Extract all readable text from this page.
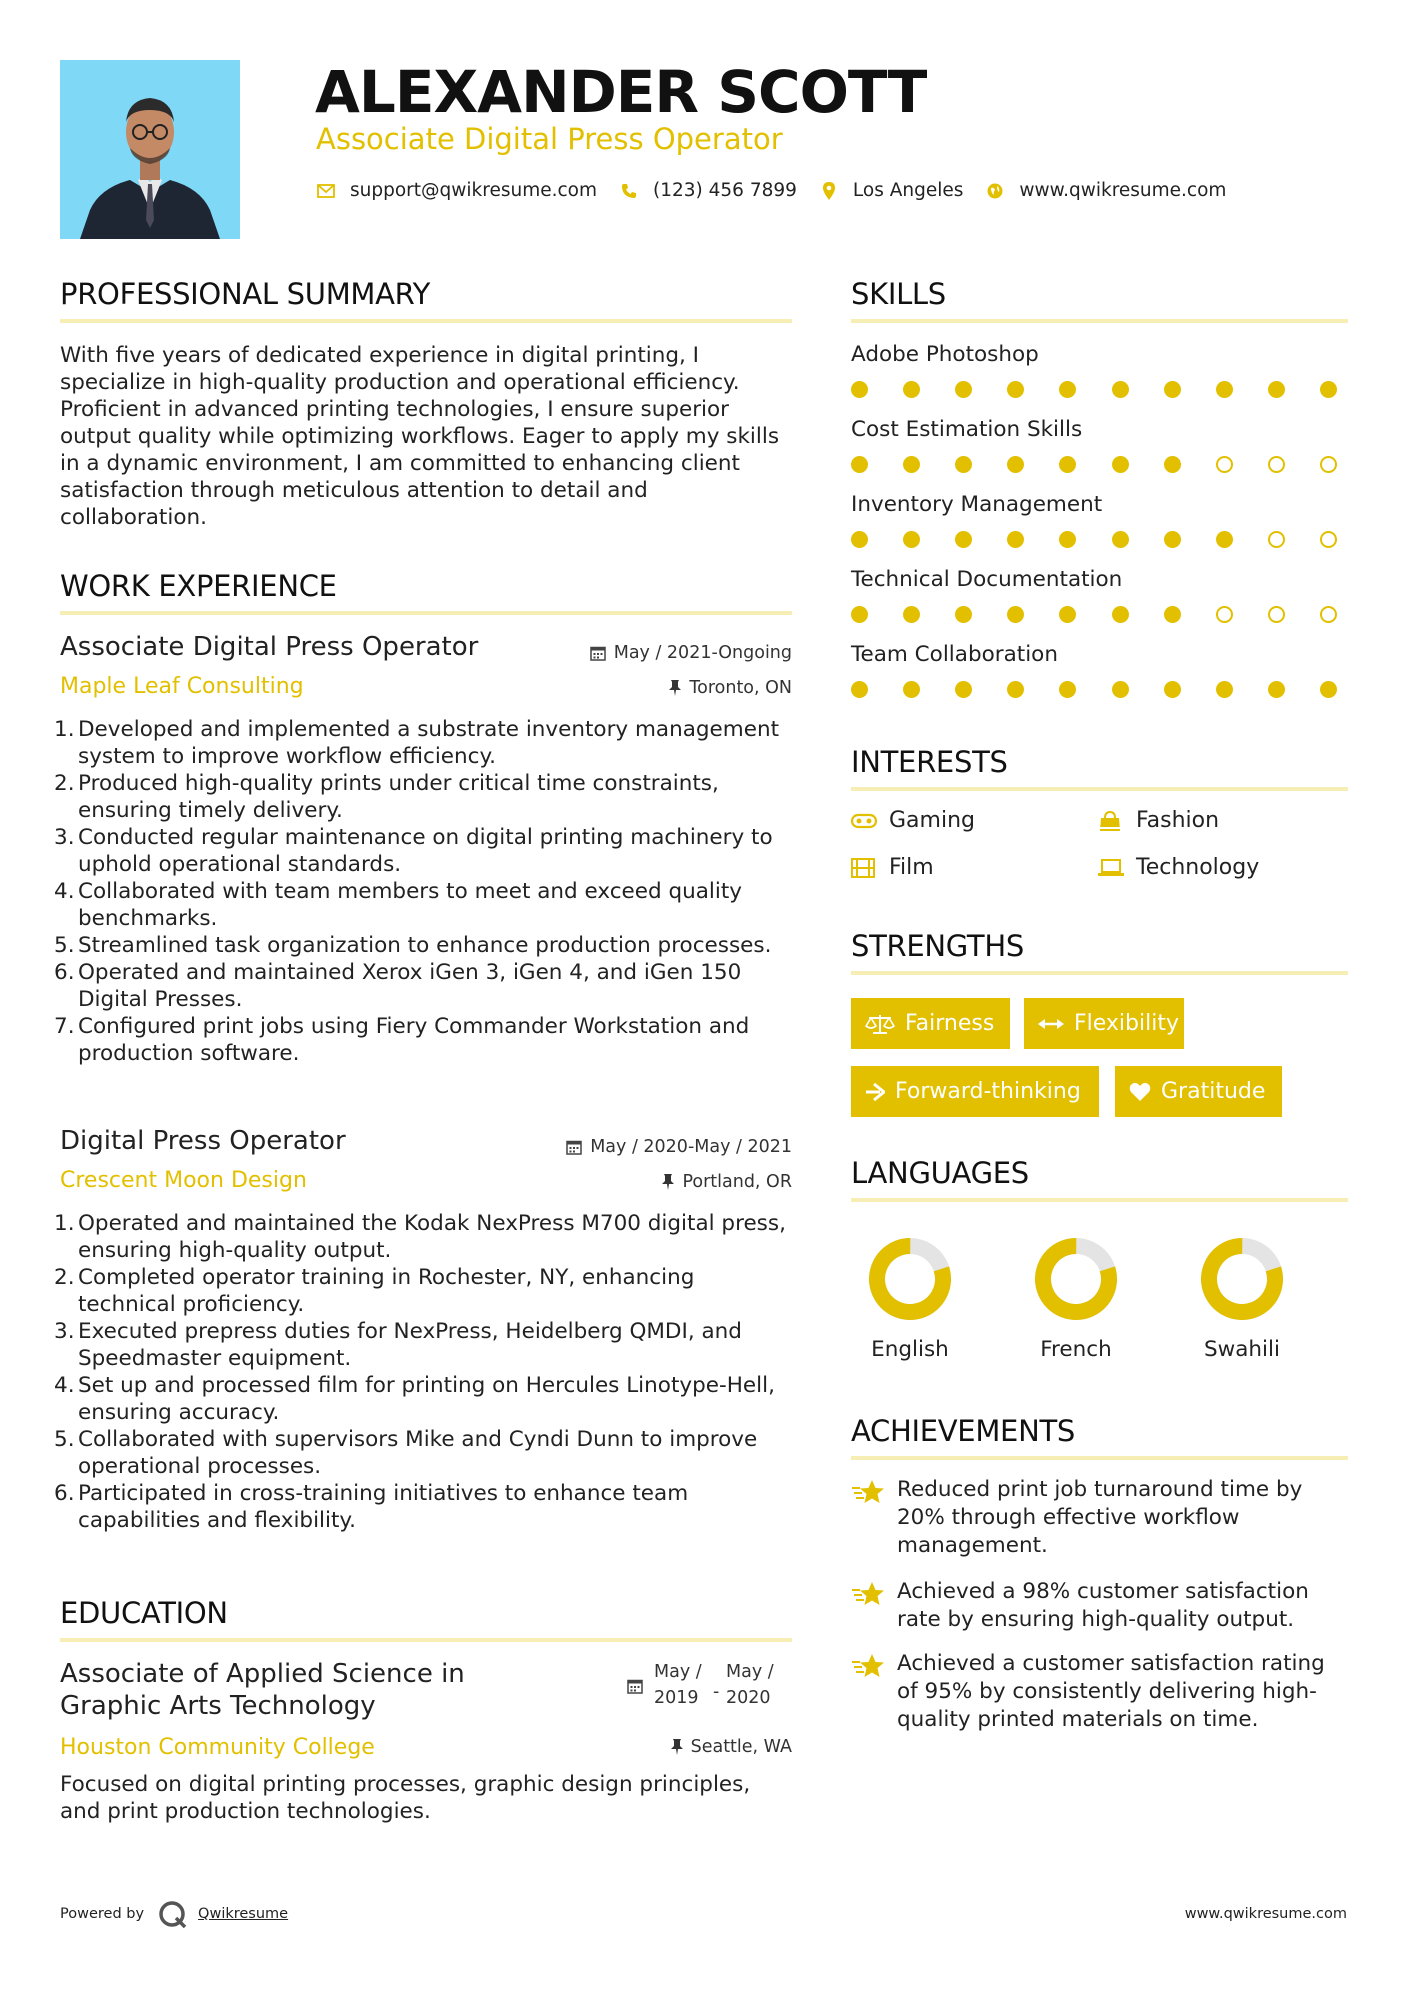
ALEXANDER SCOTT
Associate Digital Press Operator
support@qwikresume.com	(123) 456 7899	Los Angeles	www.qwikresume.com
PROFESSIONAL SUMMARY
With five years of dedicated experience in digital printing, I specialize in high-quality production and operational efficiency. Proficient in advanced printing technologies, I ensure superior output quality while optimizing workflows. Eager to apply my skills in a dynamic environment, I am committed to enhancing client satisfaction through meticulous attention to detail and collaboration.
WORK EXPERIENCE
Associate Digital Press Operator	May / 2021-Ongoing
Maple Leaf Consulting	Toronto, ON
Developed and implemented a substrate inventory management system to improve workflow efficiency.
Produced high-quality prints under critical time constraints, ensuring timely delivery.
Conducted regular maintenance on digital printing machinery to uphold operational standards.
Collaborated with team members to meet and exceed quality benchmarks.
Streamlined task organization to enhance production processes.
Operated and maintained Xerox iGen 3, iGen 4, and iGen 150 Digital Presses.
Configured print jobs using Fiery Commander Workstation and production software.
Digital Press Operator	May / 2020-May / 2021
Crescent Moon Design	Portland, OR
Operated and maintained the Kodak NexPress M700 digital press, ensuring high-quality output.
Completed operator training in Rochester, NY, enhancing technical proficiency.
Executed prepress duties for NexPress, Heidelberg QMDI, and Speedmaster equipment.
Set up and processed film for printing on Hercules Linotype-Hell, ensuring accuracy.
Collaborated with supervisors Mike and Cyndi Dunn to improve operational processes.
Participated in cross-training initiatives to enhance team capabilities and flexibility.
EDUCATION
Associate of Applied Science in
Graphic Arts Technology
May /
2019 -
May /
2020
Houston Community College	Seattle, WA
Focused on digital printing processes, graphic design principles, and print production technologies.
SKILLS
Adobe Photoshop
Cost Estimation Skills
Inventory Management
Technical Documentation
Team Collaboration
INTERESTS
Gaming	Fashion
Film	Technology
STRENGTHS
Fairness	Flexibility
Forward-thinking	Gratitude
LANGUAGES
English	French	Swahili
ACHIEVEMENTS
Reduced print job turnaround time by 20% through effective workflow management.
Achieved a 98% customer satisfaction rate by ensuring high-quality output.
Achieved a customer satisfaction rating of 95% by consistently delivering high-quality printed materials on time.
Powered by	Qwikresume	www.qwikresume.com
